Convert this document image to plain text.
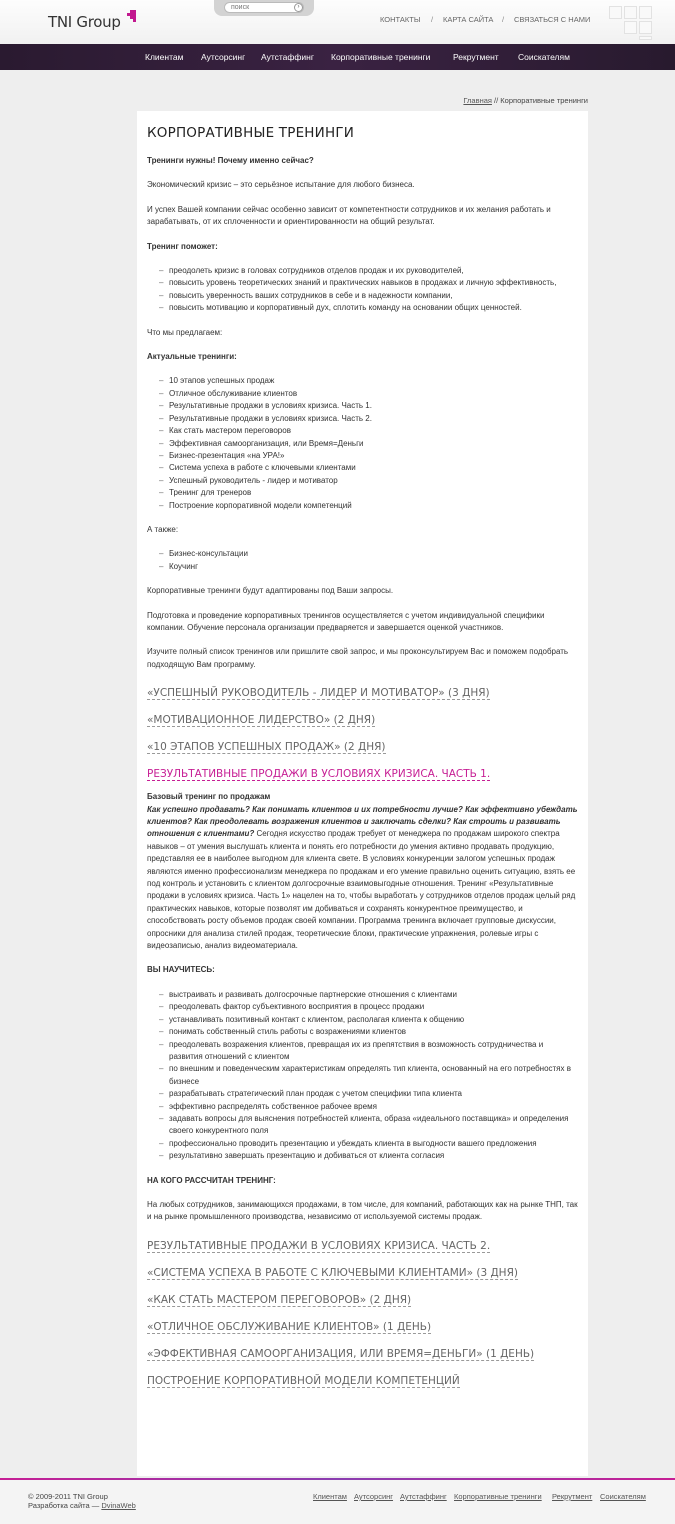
TNI Group
поиск
›
КОНТАКТЫ / КАРТА САЙТА / СВЯЗАТЬСЯ С НАМИ
Клиентам Аутсорсинг Аутстаффинг Корпоративные тренинги	Рекрутмент Соискателям
Главная // Корпоративные тренинги
КОРПОРАТИВНЫЕ ТРЕНИНГИ

Тренинги нужны! Почему именно сейчас?

Экономический кризис – это серьёзное испытание для любого бизнеса.

И успех Вашей компании сейчас особенно зависит от компетентности сотрудников и их желания работать и зарабатывать, от их сплоченности и ориентированности на общий результат.

Тренинг поможет:

– преодолеть кризис в головах сотрудников отделов продаж и их руководителей,
– повысить уровень теоретических знаний и практических навыков в продажах и личную эффективность,
– повысить уверенность ваших сотрудников в себе и в надежности компании,
– повысить мотивацию и корпоративный дух, сплотить команду на основании общих ценностей.

Что мы предлагаем:

Актуальные тренинги:

– 10 этапов успешных продаж
– Отличное обслуживание клиентов
– Результативные продажи в условиях кризиса. Часть 1.
– Результативные продажи в условиях кризиса. Часть 2.
– Как стать мастером переговоров
– Эффективная самоорганизация, или Время=Деньги
– Бизнес-презентация «на УРА!»
– Система успеха в работе с ключевыми клиентами
– Успешный руководитель - лидер и мотиватор
– Тренинг для тренеров
– Построение корпоративной модели компетенций

А также:

– Бизнес-консультации
– Коучинг

Корпоративные тренинги будут адаптированы под Ваши запросы.

Подготовка и проведение корпоративных тренингов осуществляется с учетом индивидуальной специфики компании. Обучение персонала организации предваряется и завершается оценкой участников.

Изучите полный список тренингов или пришлите свой запрос, и мы проконсультируем Вас и поможем подобрать подходящую Вам программу.

«УСПЕШНЫЙ РУКОВОДИТЕЛЬ - ЛИДЕР И МОТИВАТОР» (3 ДНЯ)
«МОТИВАЦИОННОЕ ЛИДЕРСТВО» (2 ДНЯ)
«10 ЭТАПОВ УСПЕШНЫХ ПРОДАЖ» (2 ДНЯ)
РЕЗУЛЬТАТИВНЫЕ ПРОДАЖИ В УСЛОВИЯХ КРИЗИСА. ЧАСТЬ 1.

Базовый тренинг по продажам
Как успешно продавать? Как понимать клиентов и их потребности лучше? Как эффективно убеждать клиентов? Как преодолевать возражения клиентов и заключать сделки? Как строить и развивать отношения с клиентами? Сегодня искусство продаж требует от менеджера по продажам широкого спектра навыков – от умения выслушать клиента и понять его потребности до умения активно продавать продукцию, представляя ее в наиболее выгодном для клиента свете. В условиях конкуренции залогом успешных продаж являются именно профессионализм менеджера по продажам и его умение правильно оценить ситуацию, взять ее под контроль и установить с клиентом долгосрочные взаимовыгодные отношения. Тренинг «Результативные продажи в условиях кризиса. Часть 1» нацелен на то, чтобы выработать у сотрудников отделов продаж целый ряд практических навыков, которые позволят им добиваться и сохранять конкурентное преимущество, и способствовать росту объемов продаж своей компании. Программа тренинга включает групповые дискуссии, опросники для анализа стилей продаж, теоретические блоки, практические упражнения, ролевые игры с видеозаписью, анализ видеоматериала.

ВЫ НАУЧИТЕСЬ:

– выстраивать и развивать долгосрочные партнерские отношения с клиентами
– преодолевать фактор субъективного восприятия в процесс продажи
– устанавливать позитивный контакт с клиентом, располагая клиента к общению
– понимать собственный стиль работы с возражениями клиентов
– преодолевать возражения клиентов, превращая их из препятствия в возможность сотрудничества и развития отношений с клиентом
– по внешним и поведенческим характеристикам определять тип клиента, основанный на его потребностях в бизнесе
– разрабатывать стратегический план продаж с учетом специфики типа клиента
– эффективно распределять собственное рабочее время
– задавать вопросы для выяснения потребностей клиента, образа «идеального поставщика» и определения своего конкурентного поля
– профессионально проводить презентацию и убеждать клиента в выгодности вашего предложения
– результативно завершать презентацию и добиваться от клиента согласия

НА КОГО РАССЧИТАН ТРЕНИНГ:

На любых сотрудников, занимающихся продажами, в том числе, для компаний, работающих как на рынке ТНП, так и на рынке промышленного производства, независимо от используемой системы продаж.

РЕЗУЛЬТАТИВНЫЕ ПРОДАЖИ В УСЛОВИЯХ КРИЗИСА. ЧАСТЬ 2.
«СИСТЕМА УСПЕХА В РАБОТЕ С КЛЮЧЕВЫМИ КЛИЕНТАМИ» (3 ДНЯ)
«КАК СТАТЬ МАСТЕРОМ ПЕРЕГОВОРОВ» (2 ДНЯ)
«ОТЛИЧНОЕ ОБСЛУЖИВАНИЕ КЛИЕНТОВ» (1 ДЕНЬ)
«ЭФФЕКТИВНАЯ САМООРГАНИЗАЦИЯ, ИЛИ ВРЕМЯ=ДЕНЬГИ» (1 ДЕНЬ)
ПОСТРОЕНИЕ КОРПОРАТИВНОЙ МОДЕЛИ КОМПЕТЕНЦИЙ
© 2009-2011 TNI Group
Разработка сайта — DvinaWeb
Клиентам Аутсорсинг Аутстаффинг Корпоративные тренинги Рекрутмент Соискателям
